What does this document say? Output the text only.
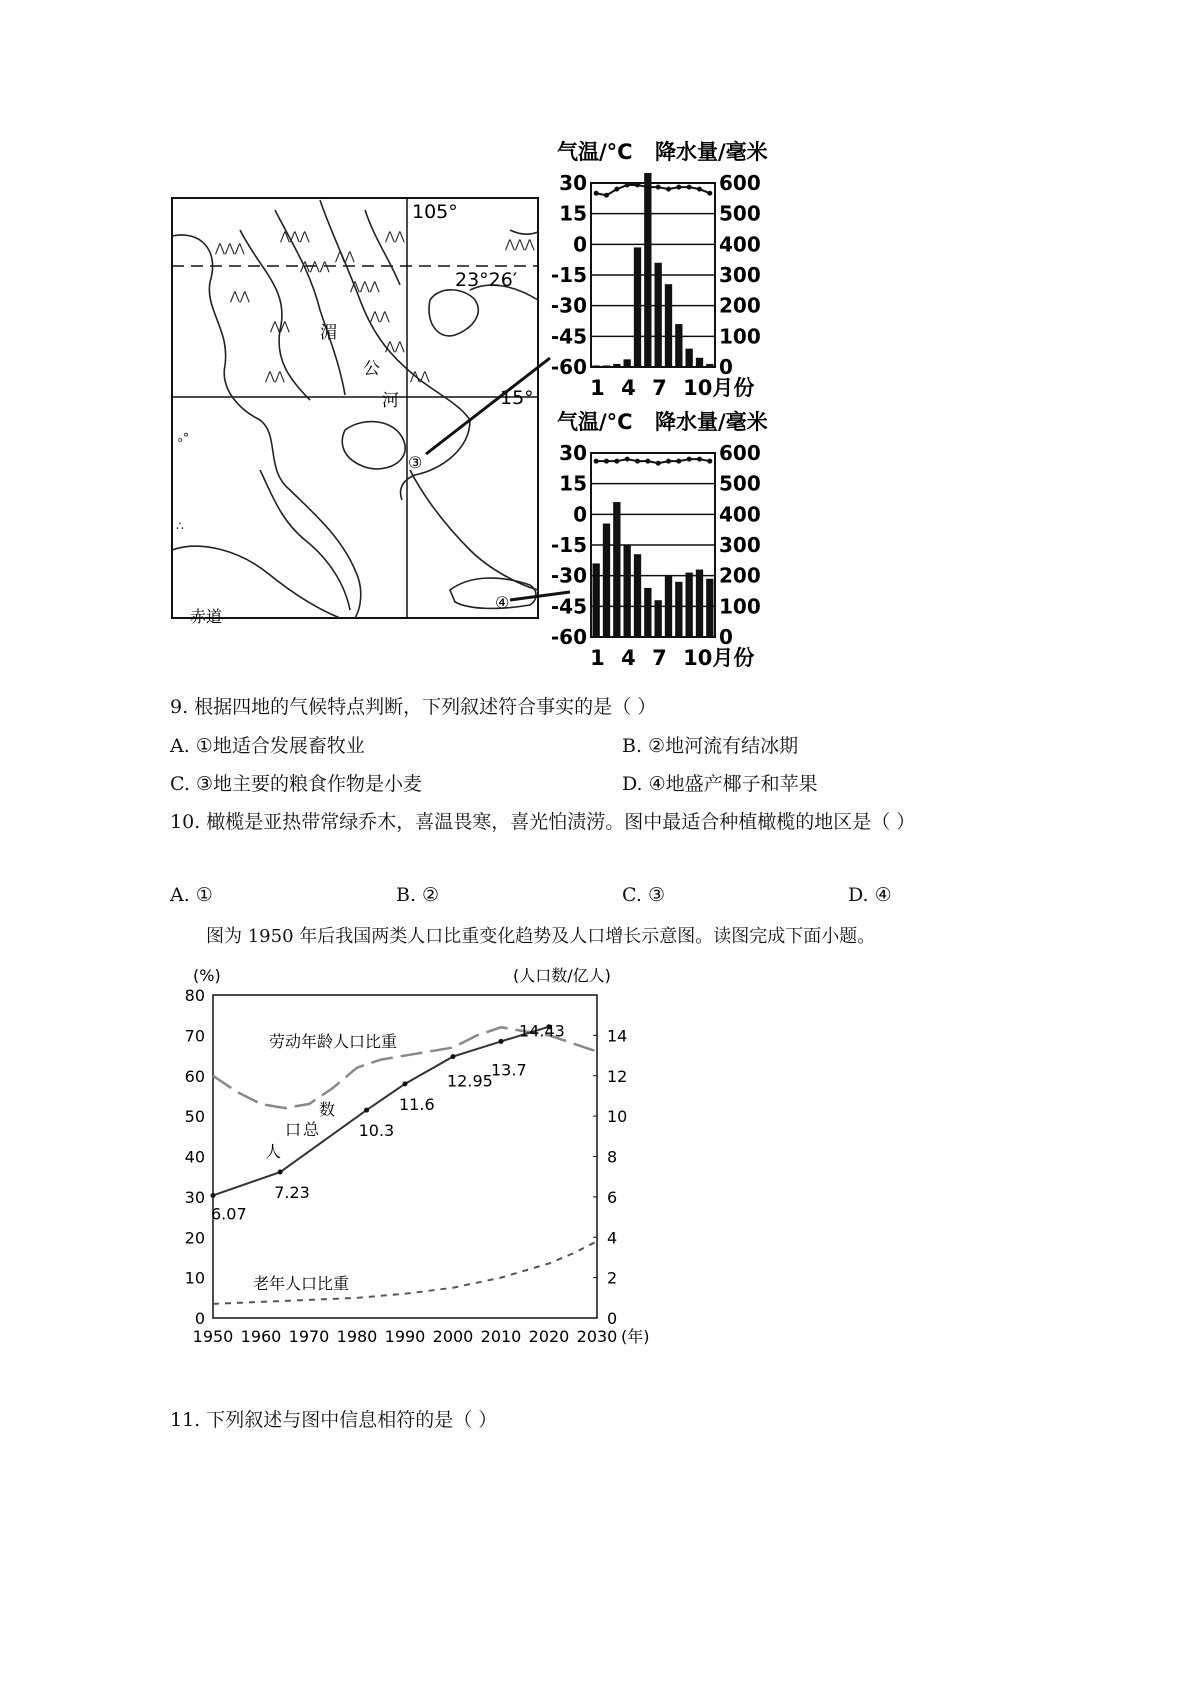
⋀⋀⋀
⋀⋀⋀
⋀⋀⋀
⋀⋀
⋀⋀⋀
⋀⋀
⋀⋀
⋀⋀
⋀⋀
⋀⋀
⋀⋀
⋀⋀⋀
⋀⋀
ₒ°
∴
105°
23°26′
15°
赤道
湄
公
河
③
④
气温/°C 降水量/毫米
30
15
0
-15
-30
-45
-60
600
500
400
300
200
100
0
1 4 7 10月份
气温/°C 降水量/毫米
30
15
0
-15
-30
-45
-60
600
500
400
300
200
100
0
1 4 7 10月份
9. 根据四地的气候特点判断，下列叙述符合事实的是（ ）
A. ①地适合发展畜牧业	B. ②地河流有结冰期
C. ③地主要的粮食作物是小麦	D. ④地盛产椰子和苹果
10. 橄榄是亚热带常绿乔木，喜温畏寒，喜光怕渍涝。图中最适合种植橄榄的地区是（ ）
A. ①	B. ②	C. ③	D. ④
图为 1950 年后我国两类人口比重变化趋势及人口增长示意图。读图完成下面小题。
(%)	(人口数/亿人)
0
10
20
30
40
50
60
70
80
0
2
4
6
8
10
12
14
1950 1960 1970 1980 1990 2000 2010 2020 2030 (年)
劳动年龄人口比重
6.07
7.23
10.3
11.6
12.95
13.7
14.43
人
口 总
数
老年人口比重
11. 下列叙述与图中信息相符的是（ ）
